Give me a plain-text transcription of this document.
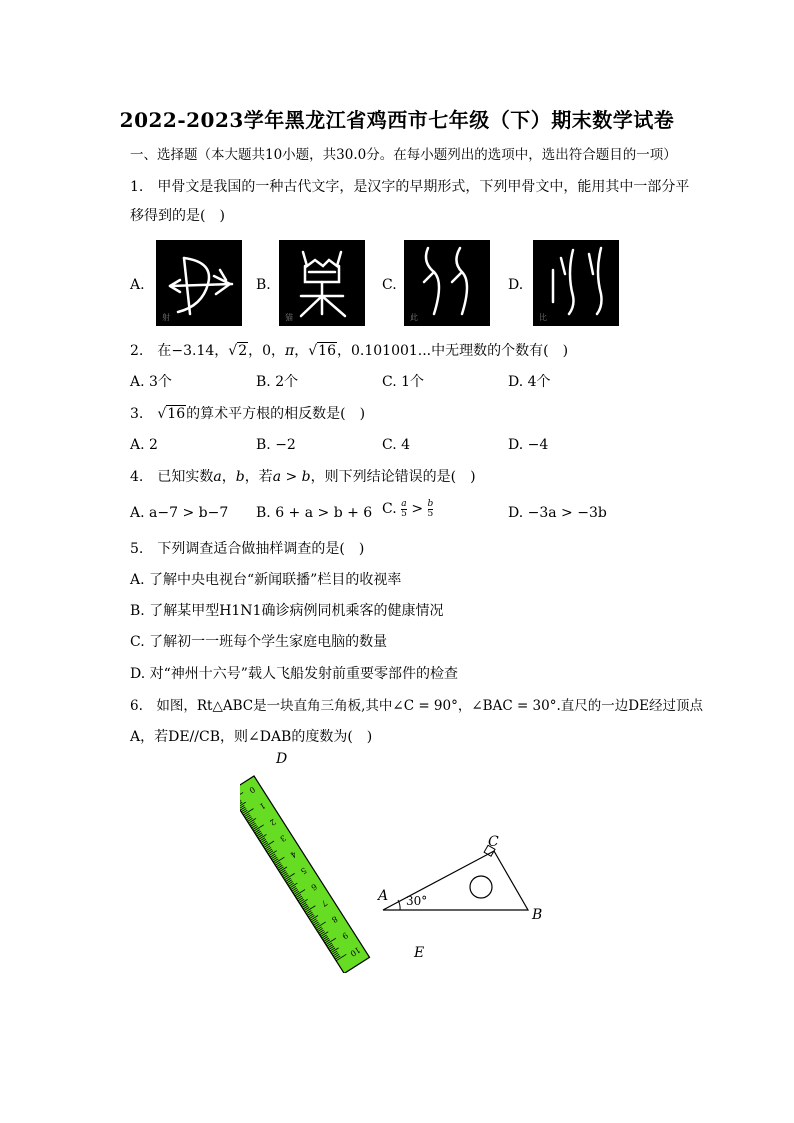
2022-2023学年黑龙江省鸡西市七年级（下）期末数学试卷
一、选择题（本大题共10小题，共30.0分。在每小题列出的选项中，选出符合题目的一项）
1.　甲骨文是我国的一种古代文字，是汉字的早期形式，下列甲骨文中，能用其中一部分平
移得到的是(　)
A.
射
B.
猫
C.
此
D.
比
2.　在−3.14，√2，0，π，√16，0.101001...中无理数的个数有(　)
A. 3个	B. 2个	C. 1个	D. 4个
3.　√16的算术平方根的相反数是(　)
A. 2	B. −2	C. 4	D. −4
4.　已知实数a，b，若a > b，则下列结论错误的是(　)
A. a−7 > b−7 B. 6 + a > b + 6 C. $\frac{a}{5} > \frac{b}{5}$	D. −3a > −3b
5.　下列调查适合做抽样调查的是(　)
A. 了解中央电视台“新闻联播”栏目的收视率
B. 了解某甲型H1N1确诊病例同机乘客的健康情况
C. 了解初一一班每个学生家庭电脑的数量
D. 对“神州十六号”载人飞船发射前重要零部件的检查
6.　如图，Rt△ABC是一块直角三角板,其中∠C = 90°，∠BAC = 30°.直尺的一边DE经过顶点
A，若DE//CB，则∠DAB的度数为(　)
0
1
2
3
4
5
6
7
8
9
10
D
E
A
B
C
30°
